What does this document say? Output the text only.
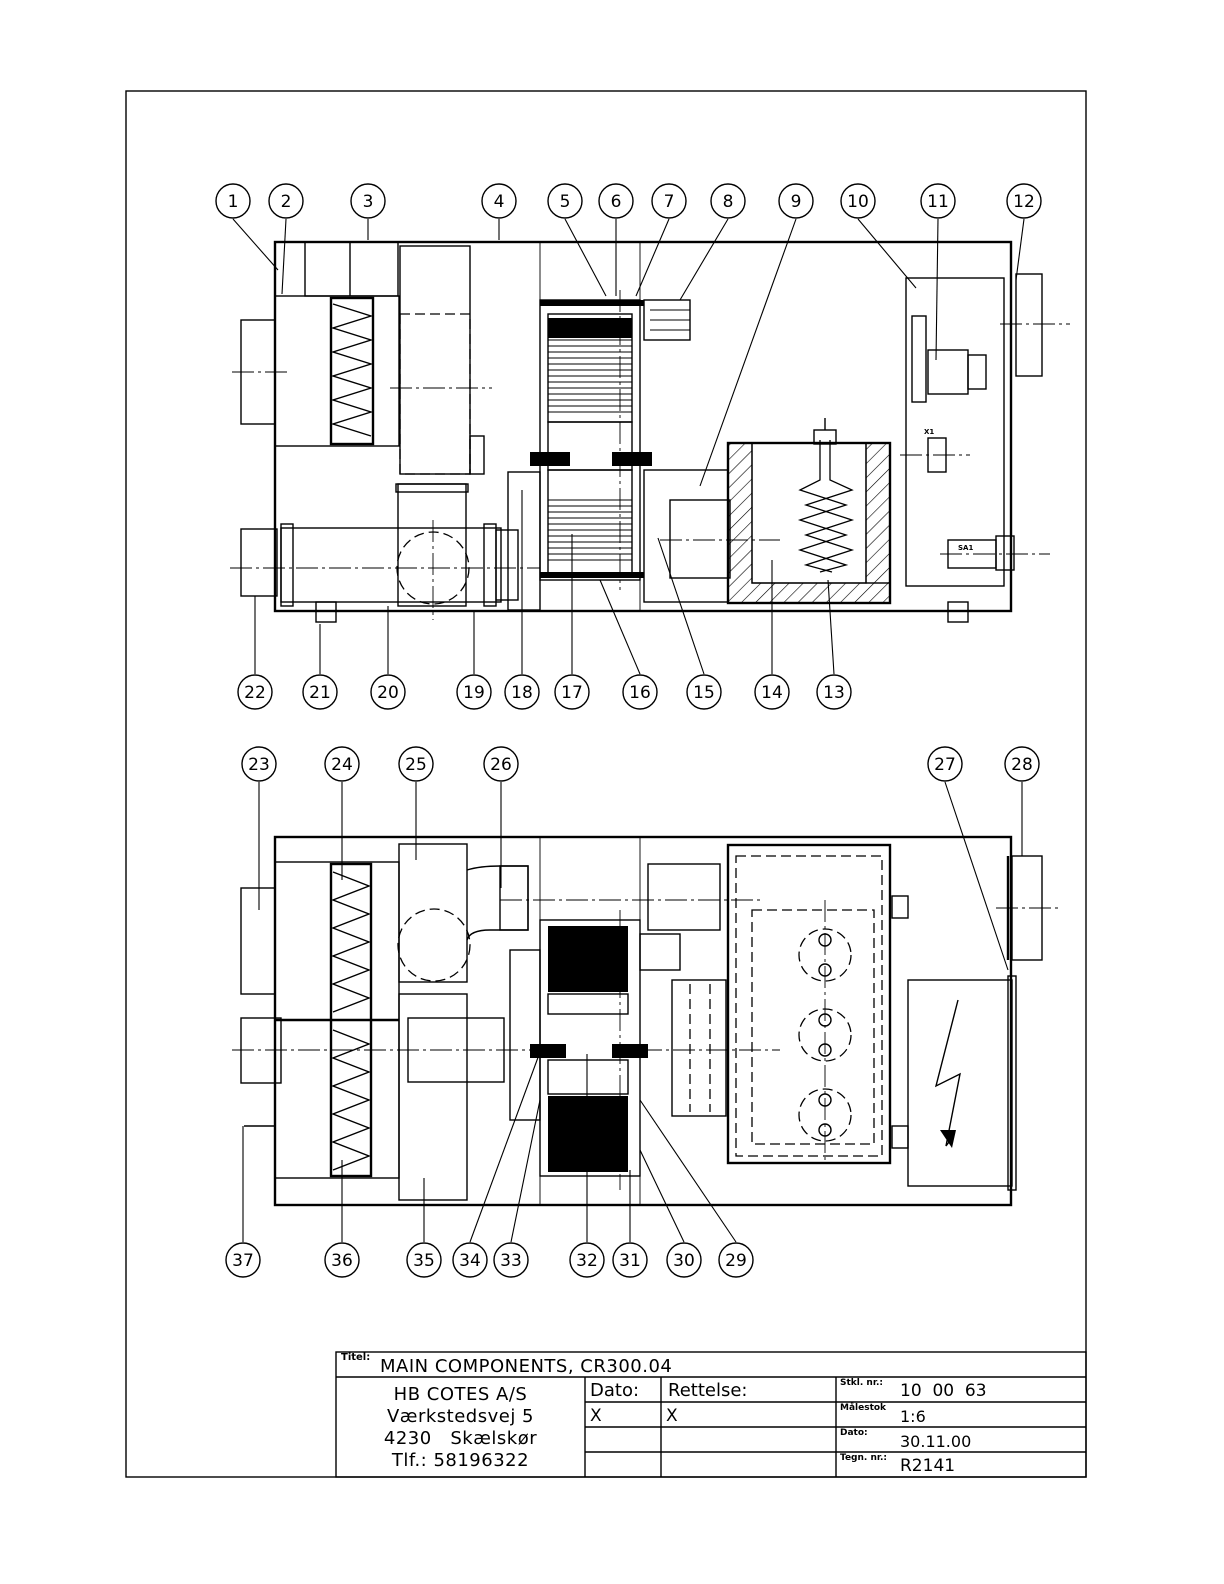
1 2	3	4	5 6 7	8	9	10	11	12
22	21	20	19 18 17	16 15	14 13
23	24	25	26	27	28
37	36	35 34 33	32 31 30 29
Titel: MAIN COMPONENTS, CR300.04
HB COTES A/S
Værkstedsvej 5
4230   Skælskør
Tlf.: 58196322
Dato: Rettelse:
X	X
Stkl. nr.: 10  00  63
Målestok 1:6
Dato: 30.11.00
Tegn. nr.: R2141
SA1
X1
